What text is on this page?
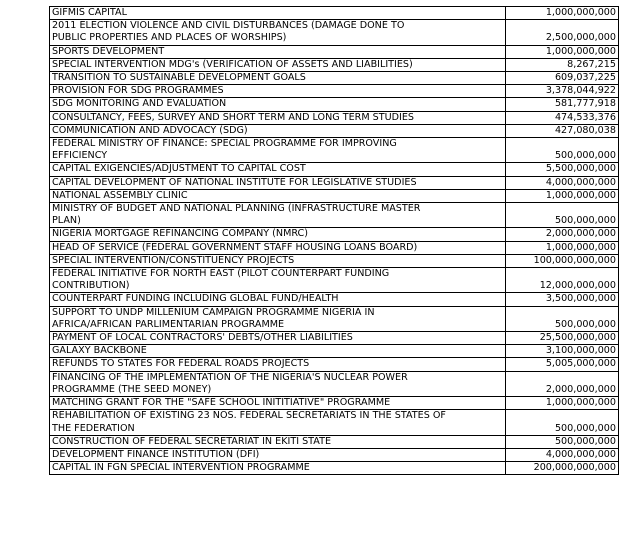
GIFMIS CAPITAL	1,000,000,000

2011 ELECTION VIOLENCE AND CIVIL DISTURBANCES (DAMAGE DONE TO
PUBLIC PROPERTIES AND PLACES OF WORSHIPS)	2,500,000,000

SPORTS DEVELOPMENT	1,000,000,000

SPECIAL INTERVENTION MDG's (VERIFICATION OF ASSETS AND LIABILITIES)	8,267,215

TRANSITION TO SUSTAINABLE DEVELOPMENT GOALS	609,037,225

PROVISION FOR SDG PROGRAMMES	3,378,044,922

SDG MONITORING AND EVALUATION	581,777,918

CONSULTANCY, FEES, SURVEY AND SHORT TERM AND LONG TERM STUDIES	474,533,376

COMMUNICATION AND ADVOCACY (SDG)	427,080,038

FEDERAL MINISTRY OF FINANCE: SPECIAL PROGRAMME FOR IMPROVING
EFFICIENCY	500,000,000

CAPITAL EXIGENCIES/ADJUSTMENT TO CAPITAL COST	5,500,000,000

CAPITAL DEVELOPMENT OF NATIONAL INSTITUTE FOR LEGISLATIVE STUDIES	4,000,000,000

NATIONAL ASSEMBLY CLINIC	1,000,000,000

MINISTRY OF BUDGET AND NATIONAL PLANNING (INFRASTRUCTURE MASTER
PLAN)	500,000,000

NIGERIA MORTGAGE REFINANCING COMPANY (NMRC)	2,000,000,000

HEAD OF SERVICE (FEDERAL GOVERNMENT STAFF HOUSING LOANS BOARD)	1,000,000,000

SPECIAL INTERVENTION/CONSTITUENCY PROJECTS	100,000,000,000

FEDERAL INITIATIVE FOR NORTH EAST (PILOT COUNTERPART FUNDING
CONTRIBUTION)	12,000,000,000

COUNTERPART FUNDING INCLUDING GLOBAL FUND/HEALTH	3,500,000,000

SUPPORT TO UNDP MILLENIUM CAMPAIGN PROGRAMME NIGERIA IN
AFRICA/AFRICAN PARLIMENTARIAN PROGRAMME	500,000,000

PAYMENT OF LOCAL CONTRACTORS' DEBTS/OTHER LIABILITIES	25,500,000,000

GALAXY BACKBONE	3,100,000,000

REFUNDS TO STATES FOR FEDERAL ROADS PROJECTS	5,005,000,000

FINANCING OF THE IMPLEMENTATION OF THE NIGERIA'S NUCLEAR POWER
PROGRAMME (THE SEED MONEY)	2,000,000,000

MATCHING GRANT FOR THE "SAFE SCHOOL INITITIATIVE" PROGRAMME	1,000,000,000

REHABILITATION OF EXISTING 23 NOS. FEDERAL SECRETARIATS IN THE STATES OF
THE FEDERATION	500,000,000

CONSTRUCTION OF FEDERAL SECRETARIAT IN EKITI STATE	500,000,000

DEVELOPMENT FINANCE INSTITUTION (DFI)	4,000,000,000

CAPITAL IN FGN SPECIAL INTERVENTION PROGRAMME	200,000,000,000
